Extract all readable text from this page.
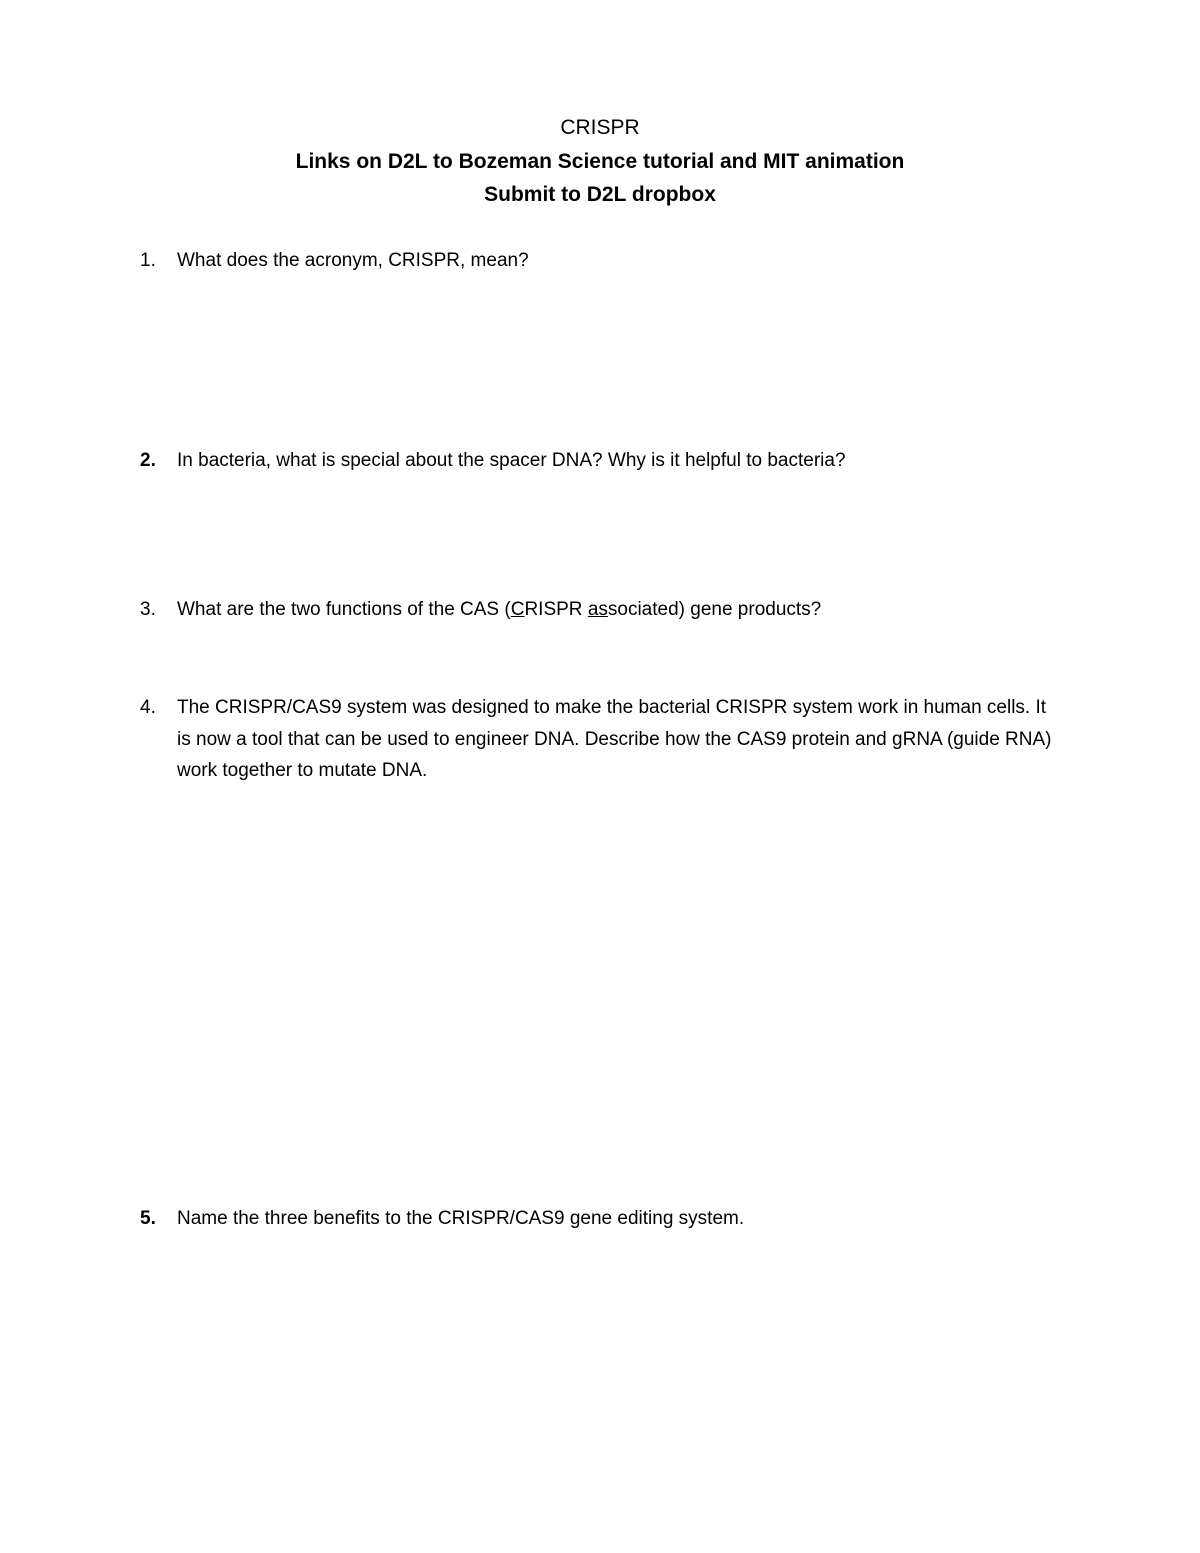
CRISPR
Links on D2L to Bozeman Science tutorial and MIT animation
Submit to D2L dropbox
1.	What does the acronym, CRISPR, mean?
2.	In bacteria, what is special about the spacer DNA? Why is it helpful to bacteria?
3.	What are the two functions of the CAS (CRISPR associated) gene products?
4.	The CRISPR/CAS9 system was designed to make the bacterial CRISPR system work in human cells. It is now a tool that can be used to engineer DNA. Describe how the CAS9 protein and gRNA (guide RNA) work together to mutate DNA.
5.	Name the three benefits to the CRISPR/CAS9 gene editing system.
